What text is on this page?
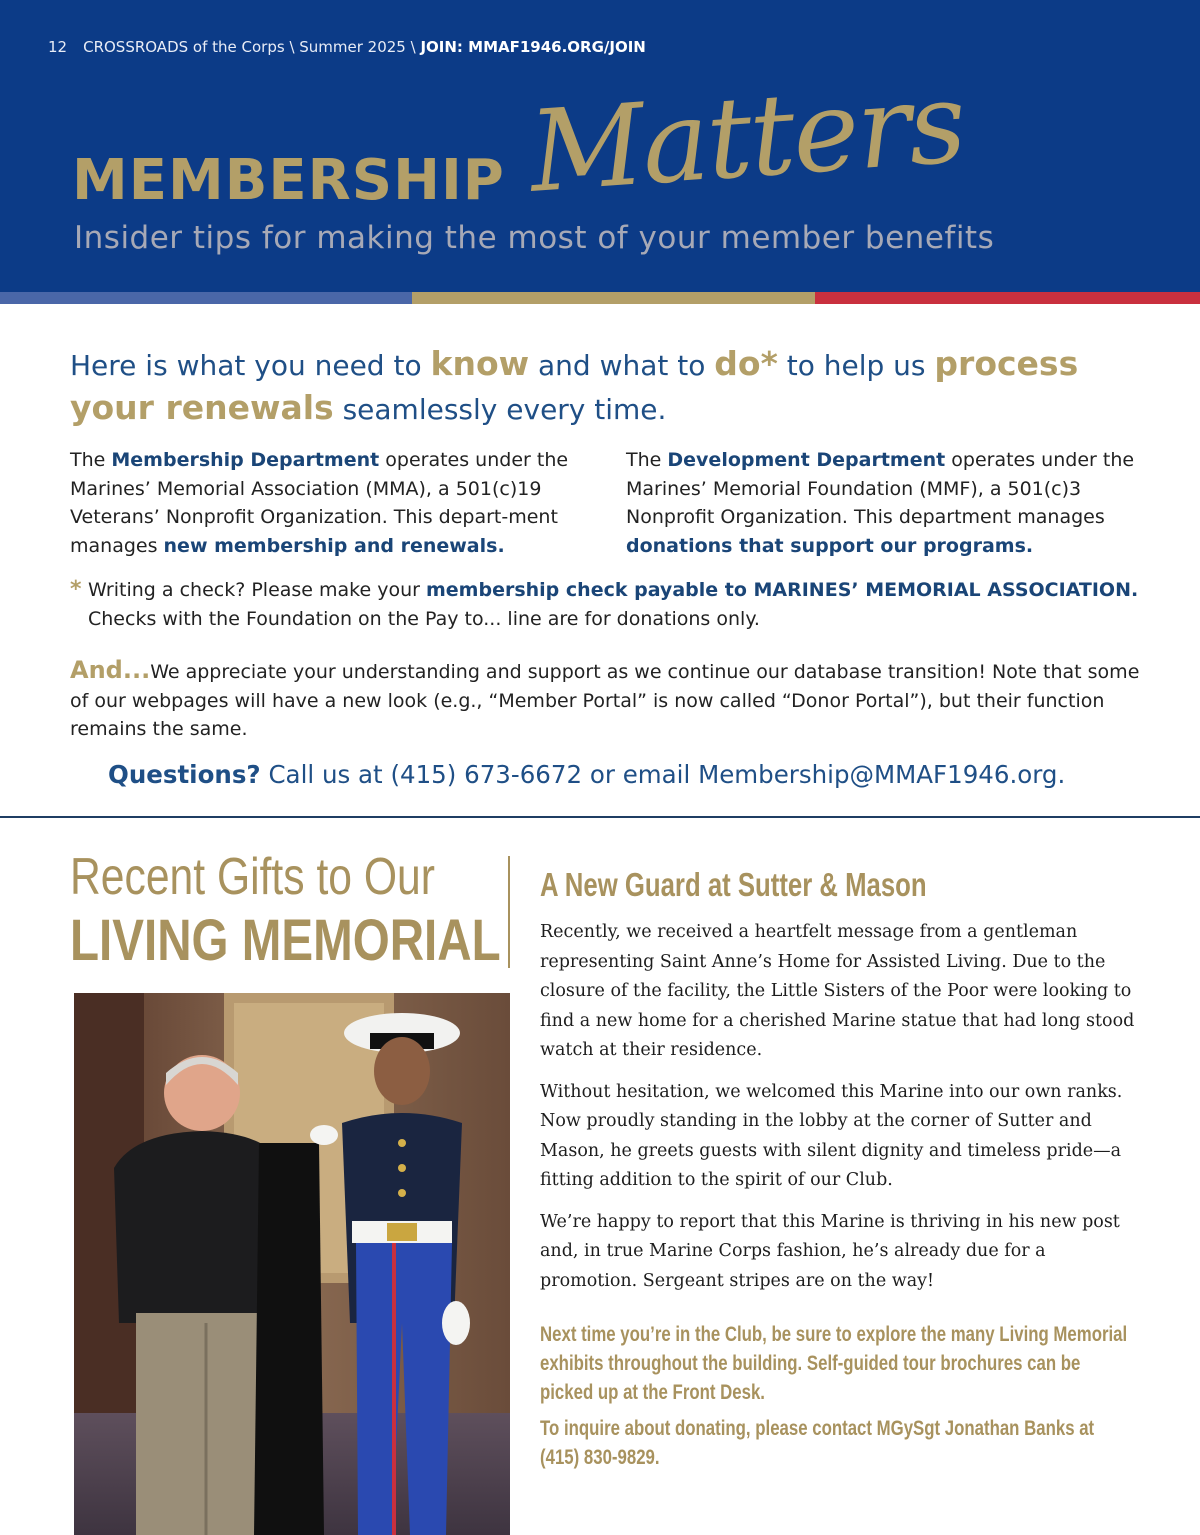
12 CROSSROADS of the Corps \ Summer 2025 \ JOIN: MMAF1946.ORG/JOIN
MEMBERSHIP Matters
Insider tips for making the most of your member benefits
Here is what you need to know and what to do* to help us process your renewals seamlessly every time.
The Membership Department operates under the Marines’ Memorial Association (MMA), a 501(c)19 Veterans’ Nonprofit Organization. This depart-ment manages new membership and renewals.
The Development Department operates under the Marines’ Memorial Foundation (MMF), a 501(c)3 Nonprofit Organization. This department manages donations that support our programs.
* Writing a check? Please make your membership check payable to MARINES’ MEMORIAL ASSOCIATION.
Checks with the Foundation on the Pay to... line are for donations only.
And...We appreciate your understanding and support as we continue our database transition! Note that some of our webpages will have a new look (e.g., “Member Portal” is now called “Donor Portal”), but their function remains the same.
Questions? Call us at (415) 673-6672 or email Membership@MMAF1946.org.
Recent Gifts to Our
LIVING MEMORIAL
A New Guard at Sutter & Mason

Recently, we received a heartfelt message from a gentleman representing Saint Anne’s Home for Assisted Living. Due to the closure of the facility, the Little Sisters of the Poor were looking to find a new home for a cherished Marine statue that had long stood watch at their residence.

Without hesitation, we welcomed this Marine into our own ranks. Now proudly standing in the lobby at the corner of Sutter and Mason, he greets guests with silent dignity and timeless pride—a fitting addition to the spirit of our Club.

We’re happy to report that this Marine is thriving in his new post and, in true Marine Corps fashion, he’s already due for a promotion. Sergeant stripes are on the way!

Next time you’re in the Club, be sure to explore the many Living Memorial exhibits throughout the building. Self-guided tour brochures can be picked up at the Front Desk.
To inquire about donating, please contact MGySgt Jonathan Banks at (415) 830-9829.
